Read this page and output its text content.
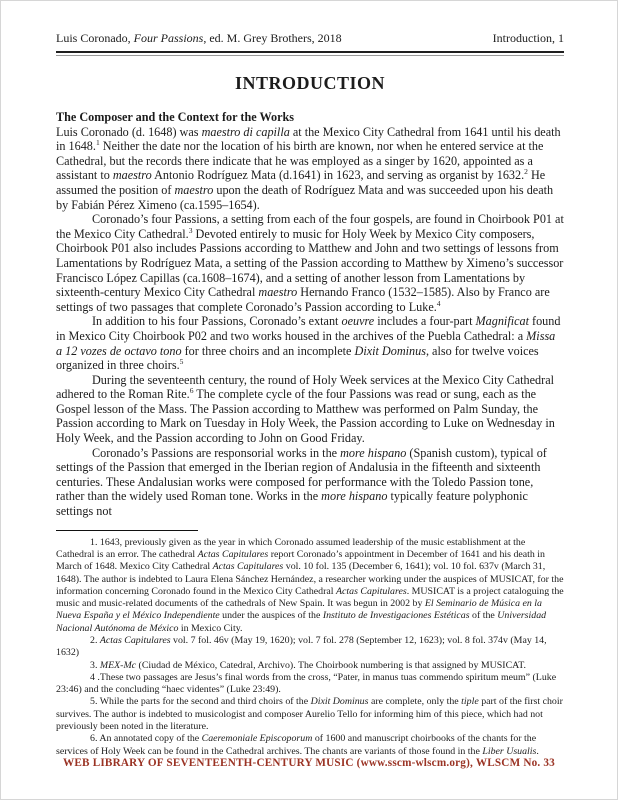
Luis Coronado, Four Passions, ed. M. Grey Brothers, 2018	Introduction, 1
INTRODUCTION
The Composer and the Context for the Works

Luis Coronado (d. 1648) was maestro di capilla at the Mexico City Cathedral from 1641 until his death in 1648.$^1$ Neither the date nor the location of his birth are known, nor when he entered service at the Cathedral, but the records there indicate that he was employed as a singer by 1620, appointed as a assistant to maestro Antonio Rodríguez Mata (d.1641) in 1623, and serving as organist by 1632.$^2$ He assumed the position of maestro upon the death of Rodríguez Mata and was succeeded upon his death by Fabián Pérez Ximeno (ca.1595–1654).

Coronado’s four Passions, a setting from each of the four gospels, are found in Choirbook P01 at the Mexico City Cathedral.$^3$ Devoted entirely to music for Holy Week by Mexico City composers, Choirbook P01 also includes Passions according to Matthew and John and two settings of lessons from Lamentations by Rodríguez Mata, a setting of the Passion according to Matthew by Ximeno’s successor Francisco López Capillas (ca.1608–1674), and a setting of another lesson from Lamentations by sixteenth-century Mexico City Cathedral maestro Hernando Franco (1532–1585). Also by Franco are settings of two passages that complete Coronado’s Passion according to Luke.$^4$

In addition to his four Passions, Coronado’s extant oeuvre includes a four-part Magnificat found in Mexico City Choirbook P02 and two works housed in the archives of the Puebla Cathedral: a Missa a 12 vozes de octavo tono for three choirs and an incomplete Dixit Dominus, also for twelve voices organized in three choirs.$^5$

During the seventeenth century, the round of Holy Week services at the Mexico City Cathedral adhered to the Roman Rite.$^6$ The complete cycle of the four Passions was read or sung, each as the Gospel lesson of the Mass. The Passion according to Matthew was performed on Palm Sunday, the Passion according to Mark on Tuesday in Holy Week, the Passion according to Luke on Wednesday in Holy Week, and the Passion according to John on Good Friday.

Coronado’s Passions are responsorial works in the more hispano (Spanish custom), typical of settings of the Passion that emerged in the Iberian region of Andalusia in the fifteenth and sixteenth centuries. These Andalusian works were composed for performance with the Toledo Passion tone, rather than the widely used Roman tone. Works in the more hispano typically feature polyphonic settings not

1. 1643, previously given as the year in which Coronado assumed leadership of the music establishment at the Cathedral is an error. The cathedral Actas Capitulares report Coronado’s appointment in December of 1641 and his death in March of 1648. Mexico City Cathedral Actas Capitulares vol. 10 fol. 135 (December 6, 1641); vol. 10 fol. 637v (March 31, 1648). The author is indebted to Laura Elena Sánchez Hernández, a researcher working under the auspices of MUSICAT, for the information concerning Coronado found in the Mexico City Cathedral Actas Capitulares. MUSICAT is a project cataloguing the music and music-related documents of the cathedrals of New Spain. It was begun in 2002 by El Seminario de Música en la Nueva España y el México Independiente under the auspices of the Instituto de Investigaciones Estéticas of the Universidad Nacional Autónoma de México in Mexico City.

2. Actas Capitulares vol. 7 fol. 46v (May 19, 1620); vol. 7 fol. 278 (September 12, 1623); vol. 8 fol. 374v (May 14, 1632)

3. MEX-Mc (Ciudad de México, Catedral, Archivo). The Choirbook numbering is that assigned by MUSICAT.

4 .These two passages are Jesus’s final words from the cross, “Pater, in manus tuas commendo spiritum meum” (Luke 23:46) and the concluding “haec videntes” (Luke 23:49).

5. While the parts for the second and third choirs of the Dixit Dominus are complete, only the tiple part of the first choir survives. The author is indebted to musicologist and composer Aurelio Tello for informing him of this piece, which had not previously been noted in the literature.

6. An annotated copy of the Caeremoniale Episcoporum of 1600 and manuscript choirbooks of the chants for the services of Holy Week can be found in the Cathedral archives. The chants are variants of those found in the Liber Usualis.

WEB LIBRARY OF SEVENTEENTH-CENTURY MUSIC (www.sscm-wlscm.org), WLSCM No. 33
